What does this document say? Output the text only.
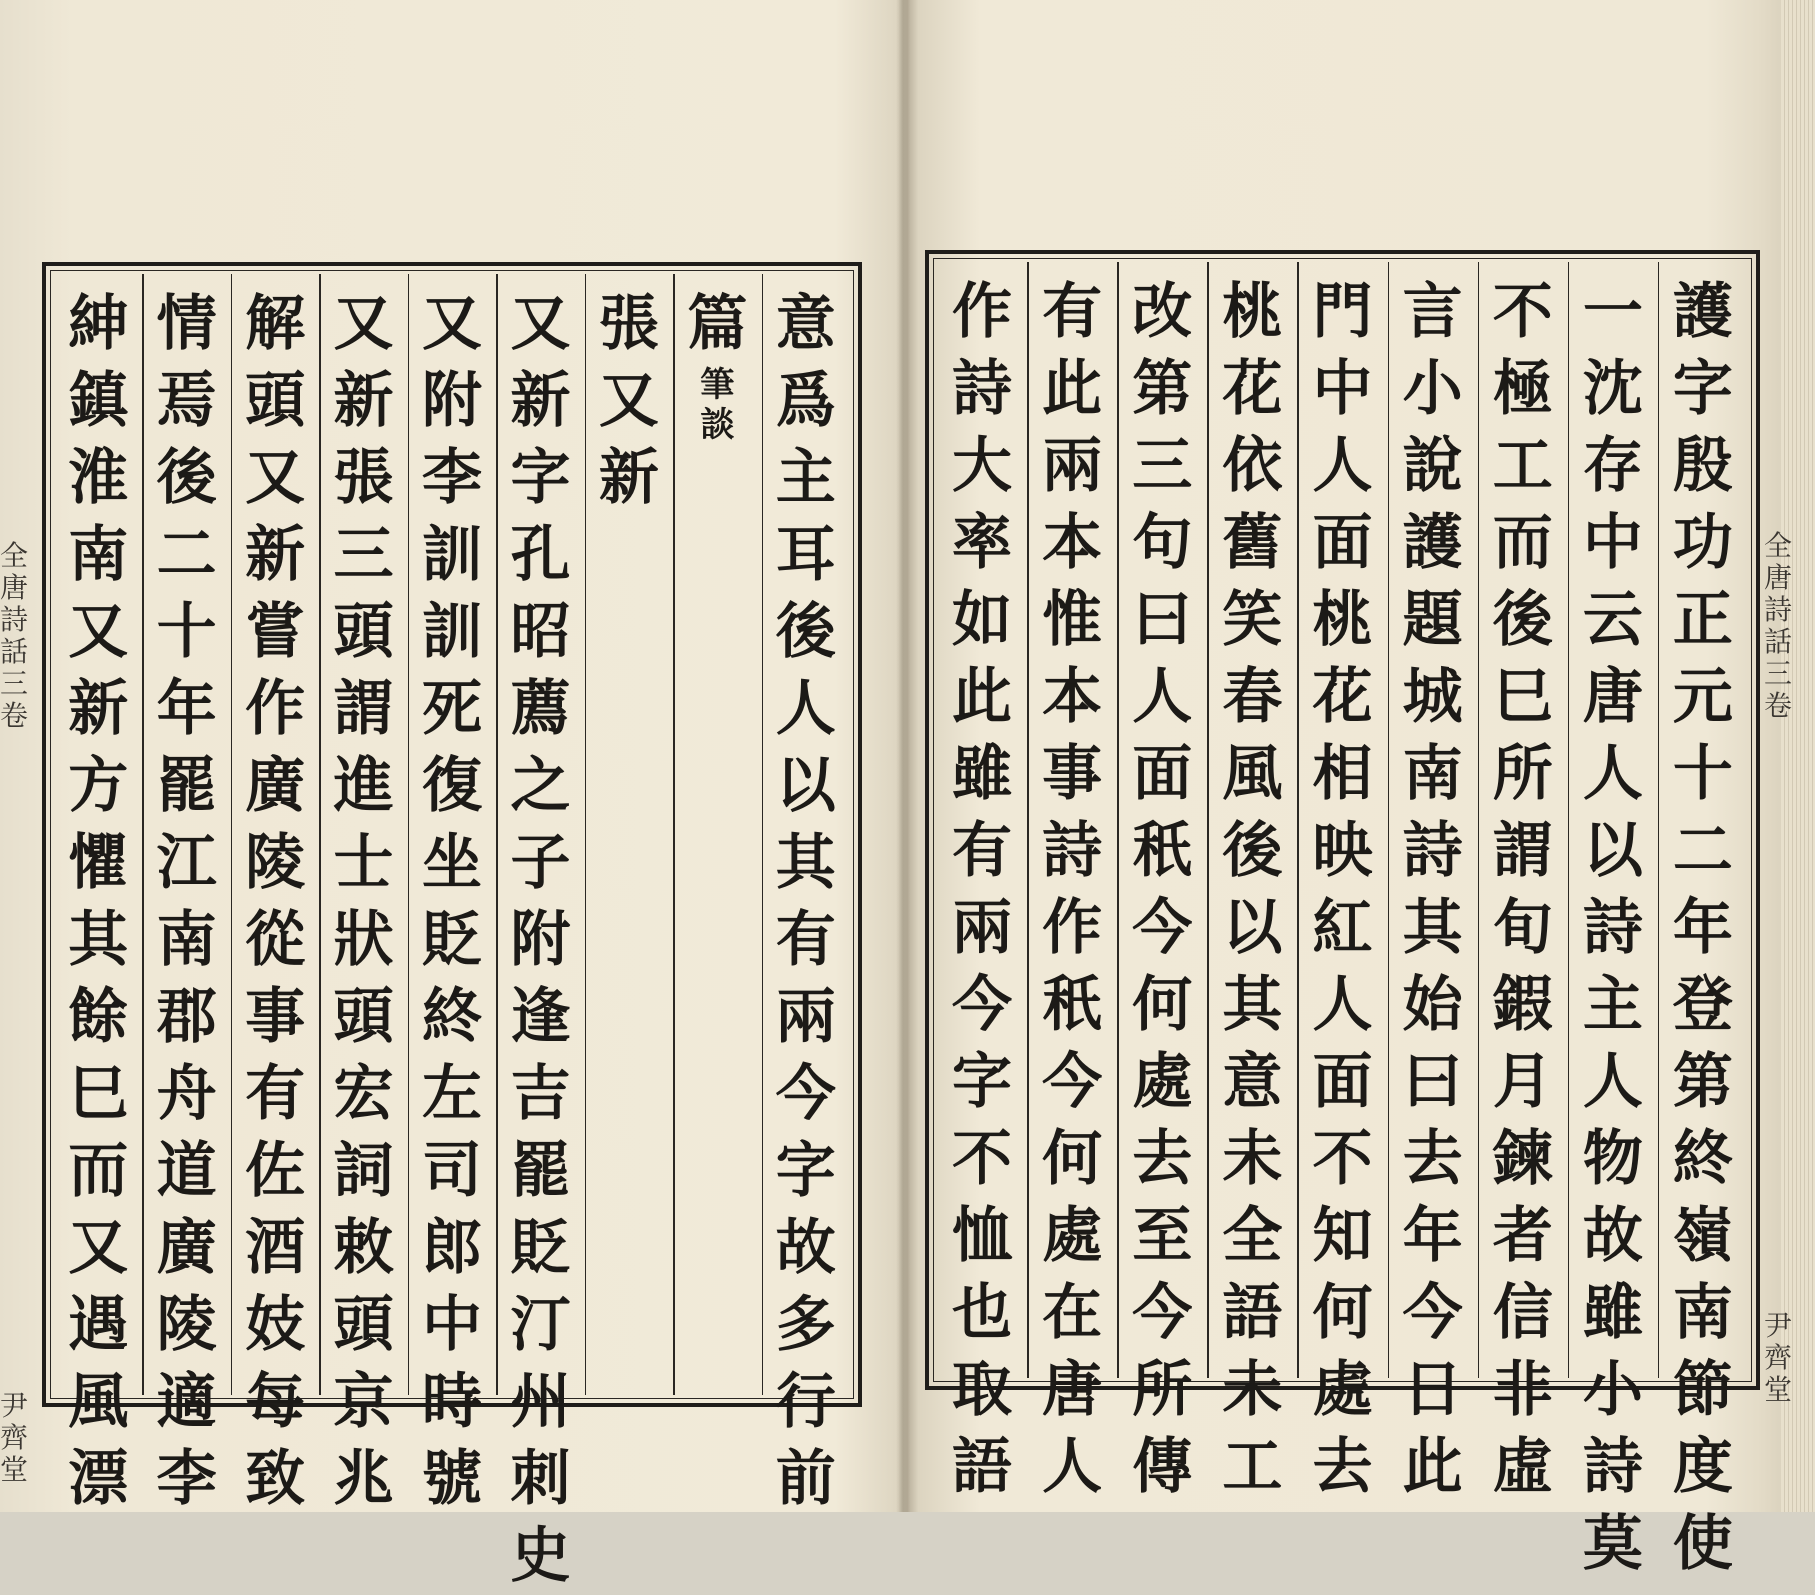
意
爲
主
耳
後
人
以
其
有
兩
今
字
故
多
行
前
篇
筆
談
張
又
新
又
新
字
孔
昭
薦
之
子
附
逢
吉
罷
貶
汀
州
刺
史
又
附
李
訓
訓
死
復
坐
貶
終
左
司
郎
中
時
號
又
新
張
三
頭
謂
進
士
狀
頭
宏
詞
敕
頭
京
兆
解
頭
又
新
嘗
作
廣
陵
從
事
有
佐
酒
妓
每
致
情
焉
後
二
十
年
罷
江
南
郡
舟
道
廣
陵
適
李
紳
鎮
淮
南
又
新
方
懼
其
餘
巳
而
又
遇
風
漂
全
唐
詩
話
三
卷
尹
齊
堂
護
字
殷
功
正
元
十
二
年
登
第
終
嶺
南
節
度
使
一
沈
存
中
云
唐
人
以
詩
主
人
物
故
雖
小
詩
莫
不
極
工
而
後
巳
所
謂
旬
鍜
月
鍊
者
信
非
虛
言
小
說
護
題
城
南
詩
其
始
曰
去
年
今
日
此
門
中
人
面
桃
花
相
映
紅
人
面
不
知
何
處
去
桃
花
依
舊
笑
春
風
後
以
其
意
未
全
語
未
工
改
第
三
句
曰
人
面
秖
今
何
處
去
至
今
所
傳
有
此
兩
本
惟
本
事
詩
作
秖
今
何
處
在
唐
人
作
詩
大
率
如
此
雖
有
兩
今
字
不
恤
也
取
語
全
唐
詩
話
三
卷
尹
齊
堂
